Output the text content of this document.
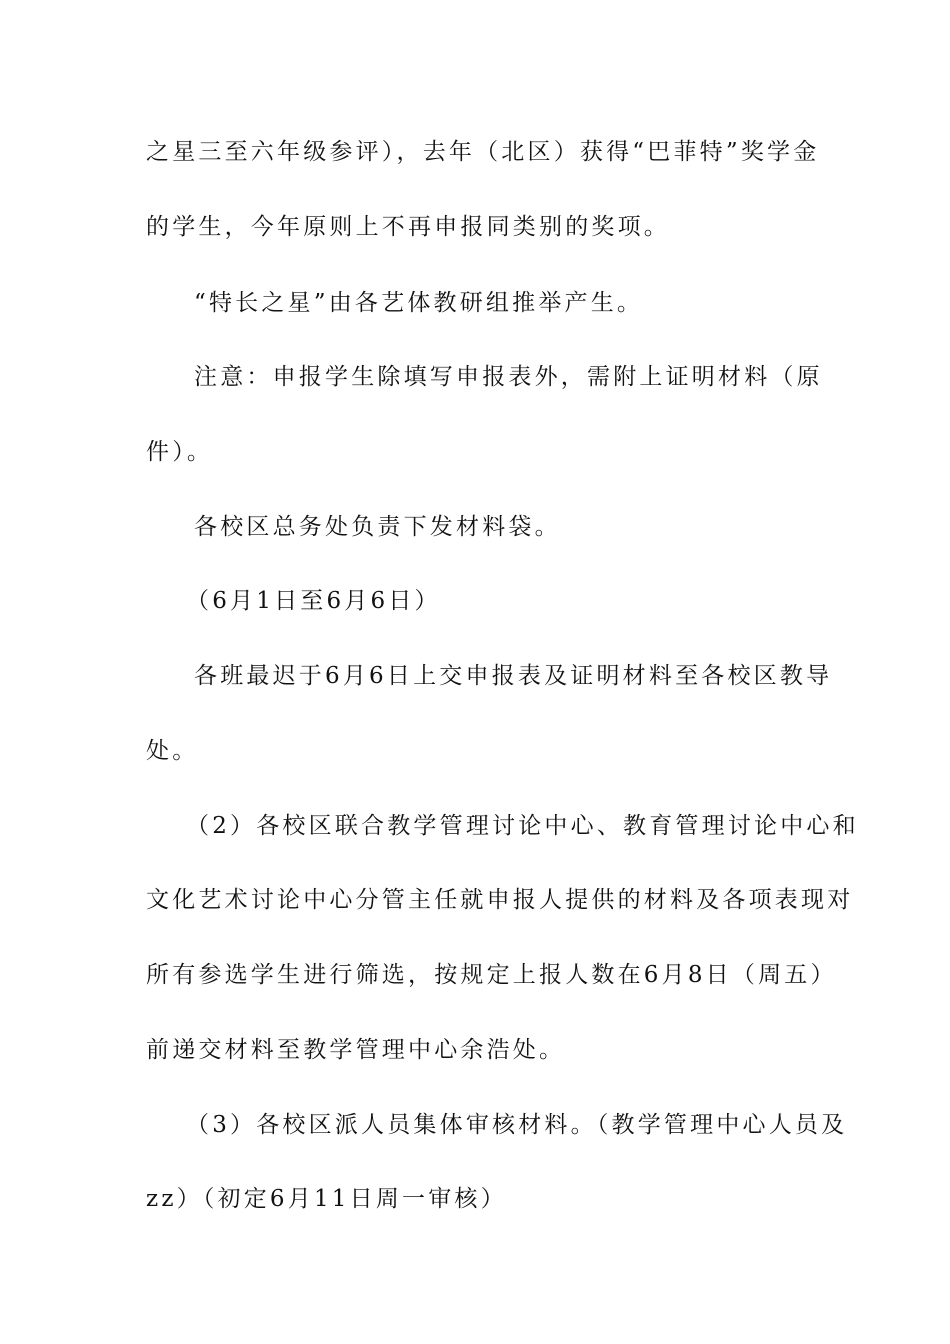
之星三至六年级参评），去年（北区）获得“巴菲特”奖学金
的学生，今年原则上不再申报同类别的奖项。
“特长之星”由各艺体教研组推举产生。
注意：申报学生除填写申报表外，需附上证明材料（原
件）。
各校区总务处负责下发材料袋。
（6月1日至6月6日）
各班最迟于6月6日上交申报表及证明材料至各校区教导
处。
（2）各校区联合教学管理讨论中心、教育管理讨论中心和
文化艺术讨论中心分管主任就申报人提供的材料及各项表现对
所有参选学生进行筛选，按规定上报人数在6月8日（周五）
前递交材料至教学管理中心余浩处。
（3）各校区派人员集体审核材料。（教学管理中心人员及
zz）（初定6月11日周一审核）
